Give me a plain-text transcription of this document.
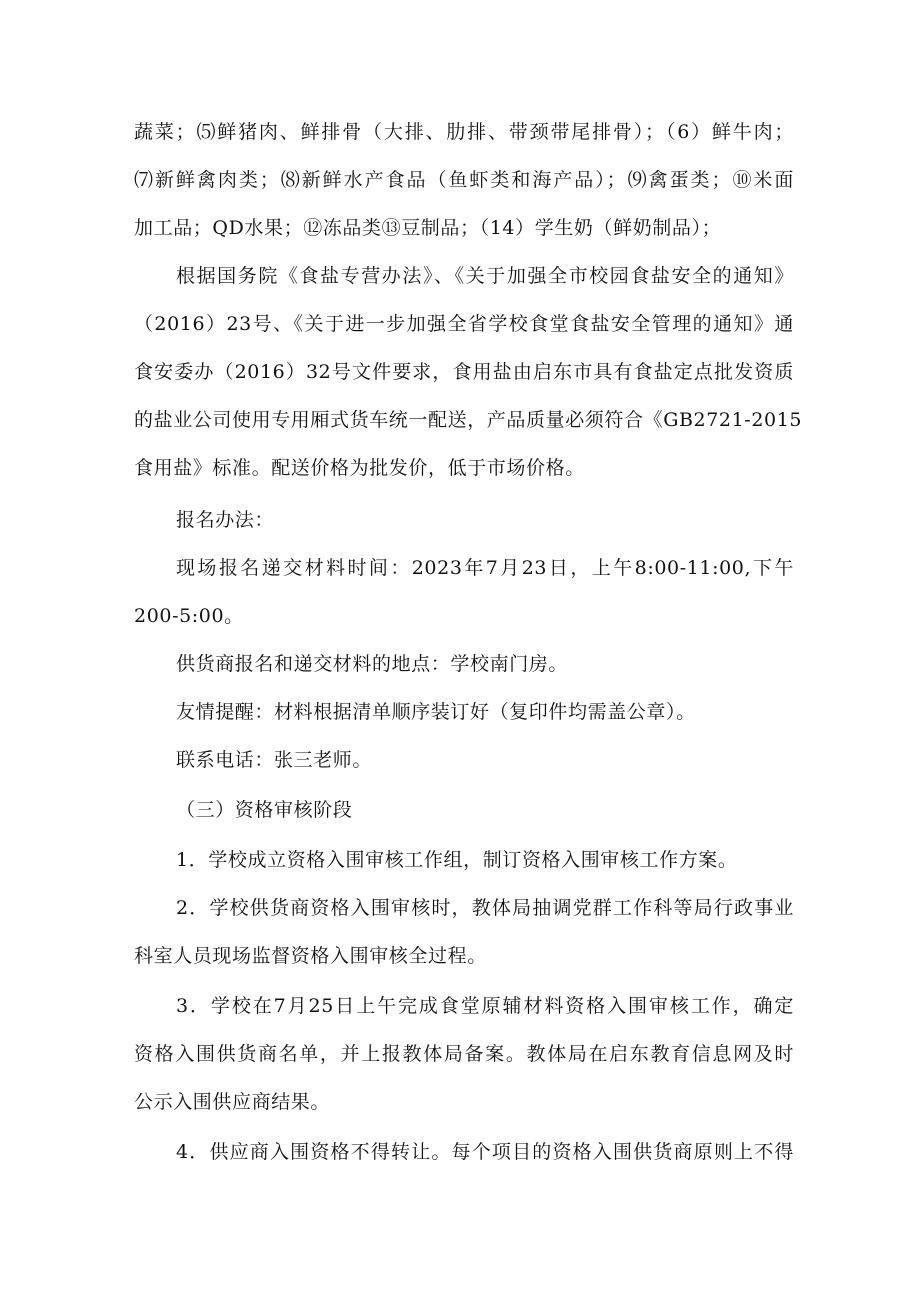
蔬菜；⑸鲜猪肉、鲜排骨（大排、肋排、带颈带尾排骨）；（6）鲜牛肉；
⑺新鲜禽肉类；⑻新鲜水产食品（鱼虾类和海产品）；⑼禽蛋类；⑩米面
加工品；QD水果；⑫冻品类⑬豆制品；（14）学生奶（鲜奶制品）；
根据国务院《食盐专营办法》、《关于加强全市校园食盐安全的通知》
（2016）23号、《关于进一步加强全省学校食堂食盐安全管理的通知》通
食安委办（2016）32号文件要求，食用盐由启东市具有食盐定点批发资质
的盐业公司使用专用厢式货车统一配送，产品质量必须符合《GB2721-2015
食用盐》标准。配送价格为批发价，低于市场价格。
报名办法：
现场报名递交材料时间：2023年7月23日，上午8:00-11:00,下午
200-5:00。
供货商报名和递交材料的地点：学校南门房。
友情提醒：材料根据清单顺序装订好（复印件均需盖公章）。
联系电话：张三老师。
（三）资格审核阶段
1．学校成立资格入围审核工作组，制订资格入围审核工作方案。
2．学校供货商资格入围审核时，教体局抽调党群工作科等局行政事业
科室人员现场监督资格入围审核全过程。
3．学校在7月25日上午完成食堂原辅材料资格入围审核工作，确定
资格入围供货商名单，并上报教体局备案。教体局在启东教育信息网及时
公示入围供应商结果。
4．供应商入围资格不得转让。每个项目的资格入围供货商原则上不得
